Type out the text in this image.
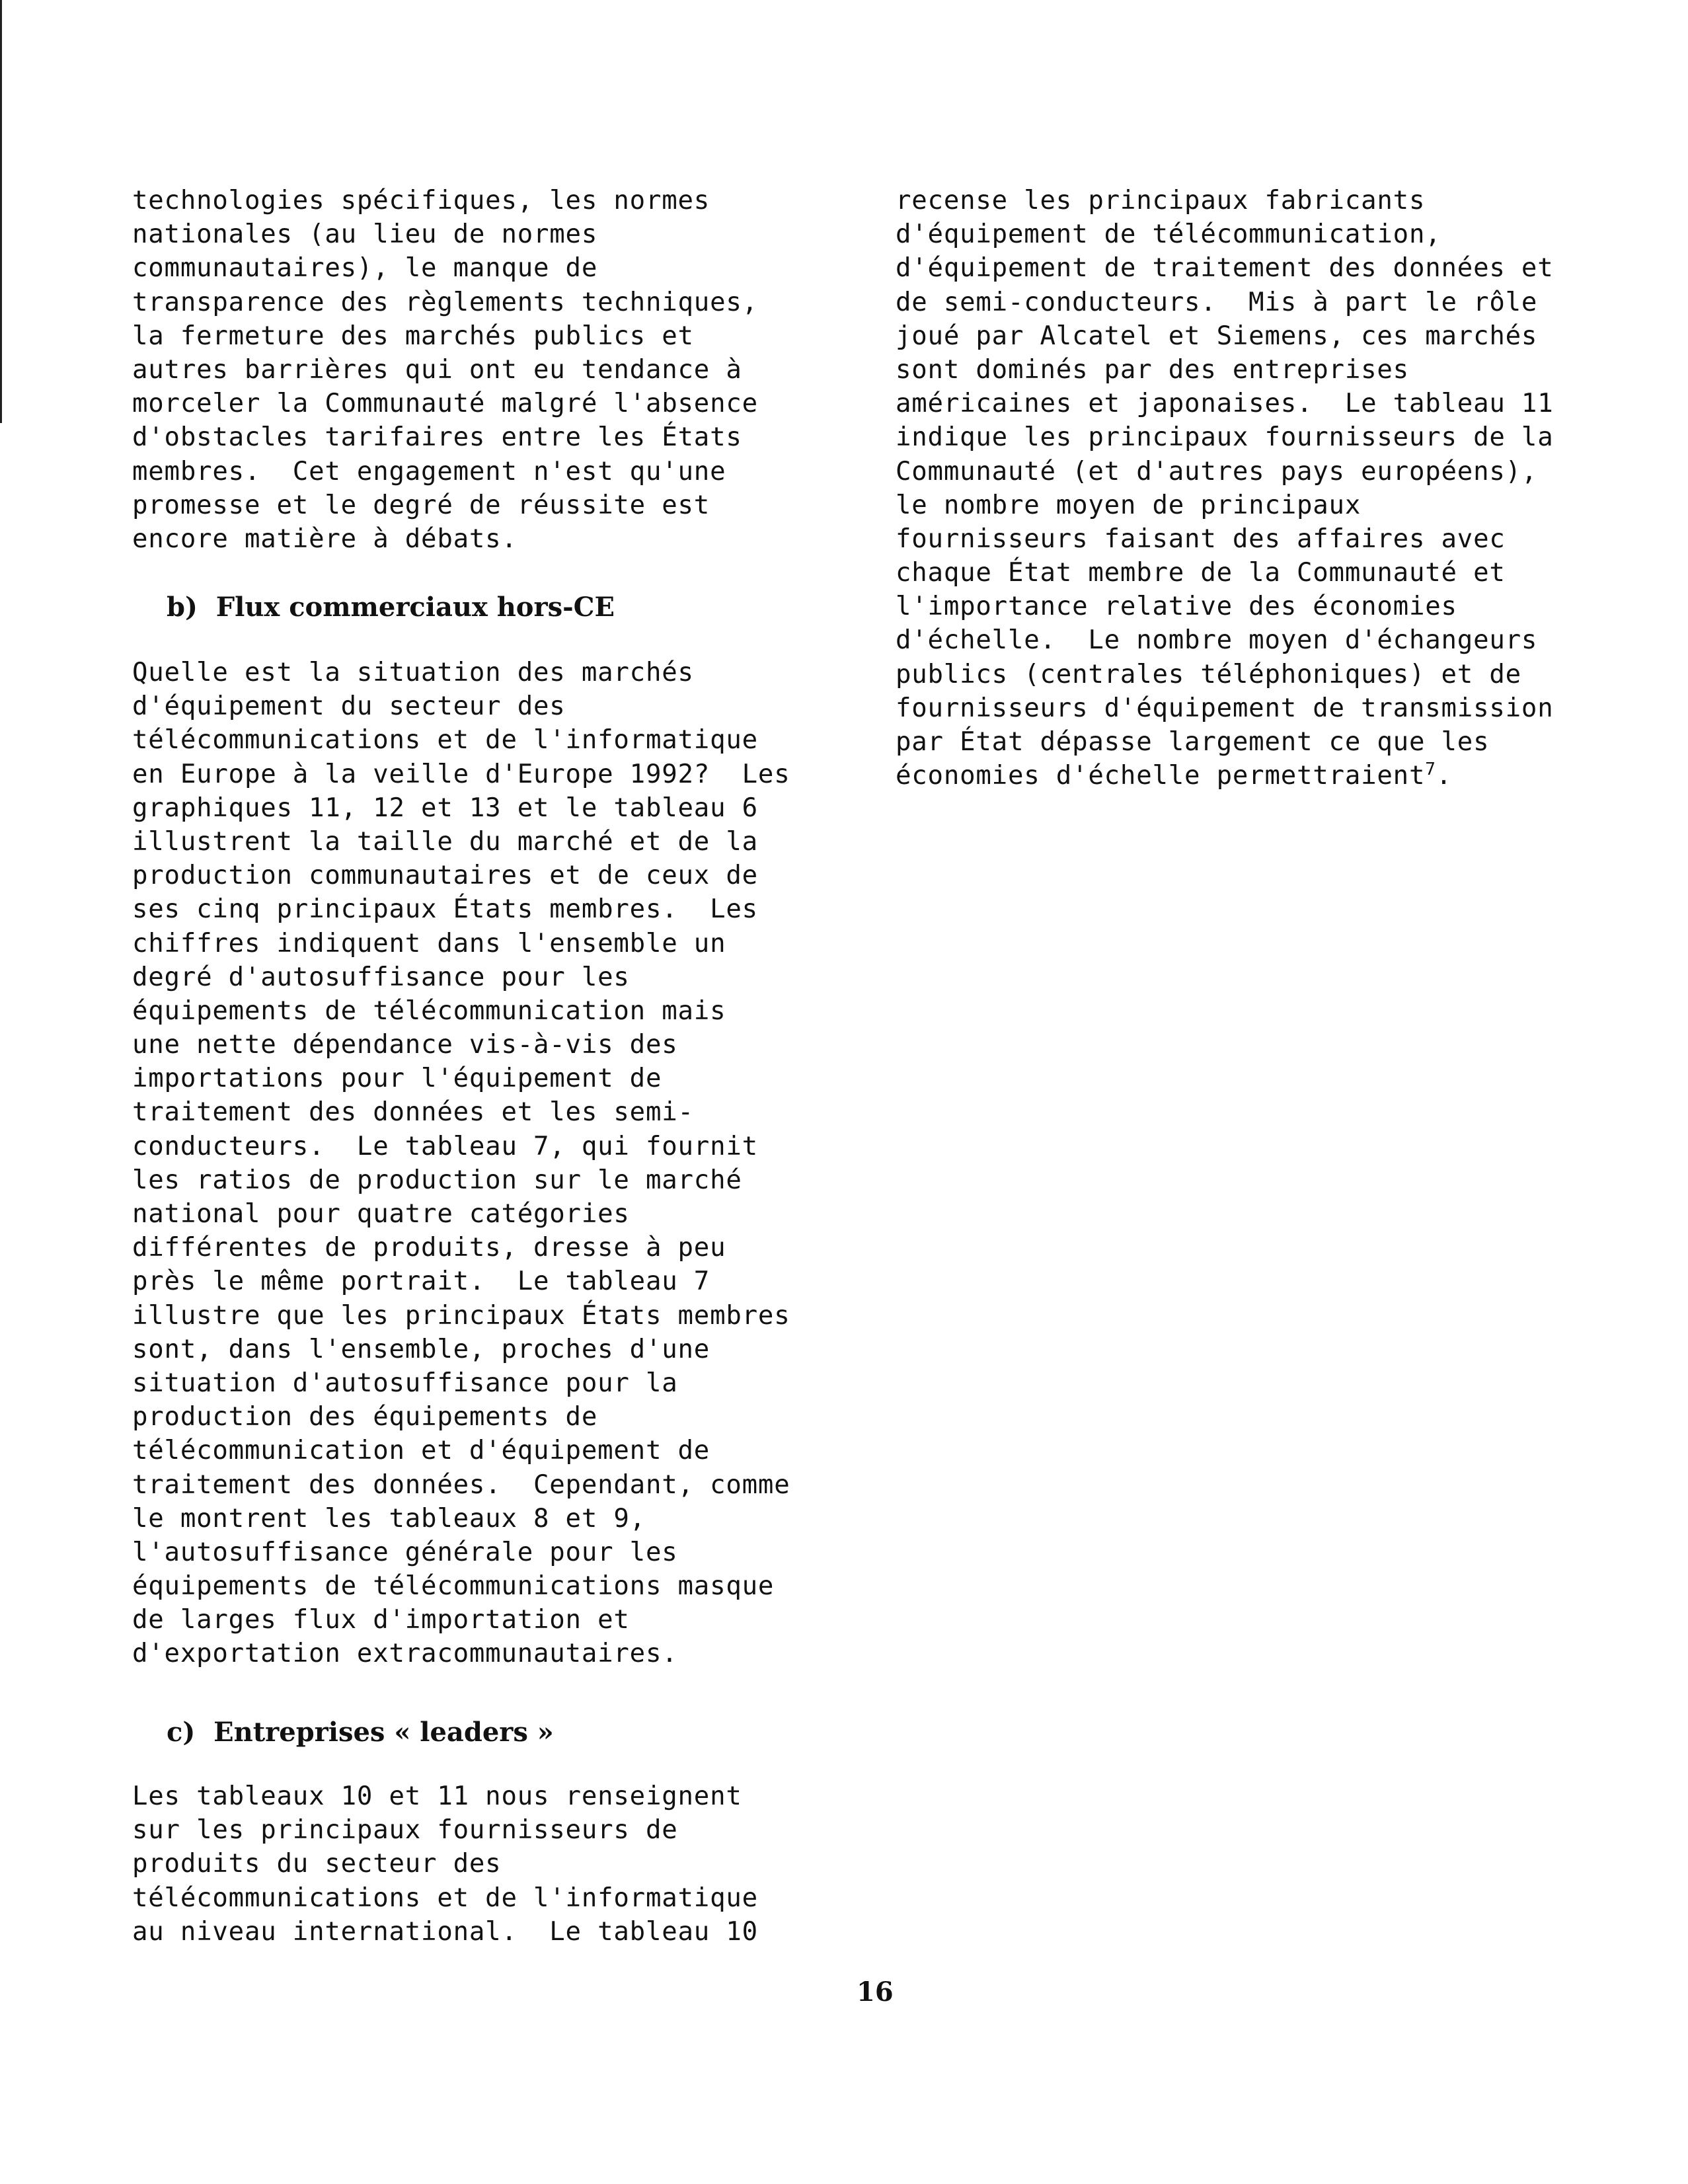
technologies spécifiques, les normes
nationales (au lieu de normes
communautaires), le manque de
transparence des règlements techniques,
la fermeture des marchés publics et
autres barrières qui ont eu tendance à
morceler la Communauté malgré l'absence
d'obstacles tarifaires entre les États
membres.  Cet engagement n'est qu'une
promesse et le degré de réussite est
encore matière à débats.
b)  Flux commerciaux hors-CE
Quelle est la situation des marchés
d'équipement du secteur des
télécommunications et de l'informatique
en Europe à la veille d'Europe 1992?  Les
graphiques 11, 12 et 13 et le tableau 6
illustrent la taille du marché et de la
production communautaires et de ceux de
ses cinq principaux États membres.  Les
chiffres indiquent dans l'ensemble un
degré d'autosuffisance pour les
équipements de télécommunication mais
une nette dépendance vis-à-vis des
importations pour l'équipement de
traitement des données et les semi-
conducteurs.  Le tableau 7, qui fournit
les ratios de production sur le marché
national pour quatre catégories
différentes de produits, dresse à peu
près le même portrait.  Le tableau 7
illustre que les principaux États membres
sont, dans l'ensemble, proches d'une
situation d'autosuffisance pour la
production des équipements de
télécommunication et d'équipement de
traitement des données.  Cependant, comme
le montrent les tableaux 8 et 9,
l'autosuffisance générale pour les
équipements de télécommunications masque
de larges flux d'importation et
d'exportation extracommunautaires.
c)  Entreprises « leaders »
Les tableaux 10 et 11 nous renseignent
sur les principaux fournisseurs de
produits du secteur des
télécommunications et de l'informatique
au niveau international.  Le tableau 10
recense les principaux fabricants
d'équipement de télécommunication,
d'équipement de traitement des données et
de semi-conducteurs.  Mis à part le rôle
joué par Alcatel et Siemens, ces marchés
sont dominés par des entreprises
américaines et japonaises.  Le tableau 11
indique les principaux fournisseurs de la
Communauté (et d'autres pays européens),
le nombre moyen de principaux
fournisseurs faisant des affaires avec
chaque État membre de la Communauté et
l'importance relative des économies
d'échelle.  Le nombre moyen d'échangeurs
publics (centrales téléphoniques) et de
fournisseurs d'équipement de transmission
par État dépasse largement ce que les
économies d'échelle permettraient$^7$.
16
